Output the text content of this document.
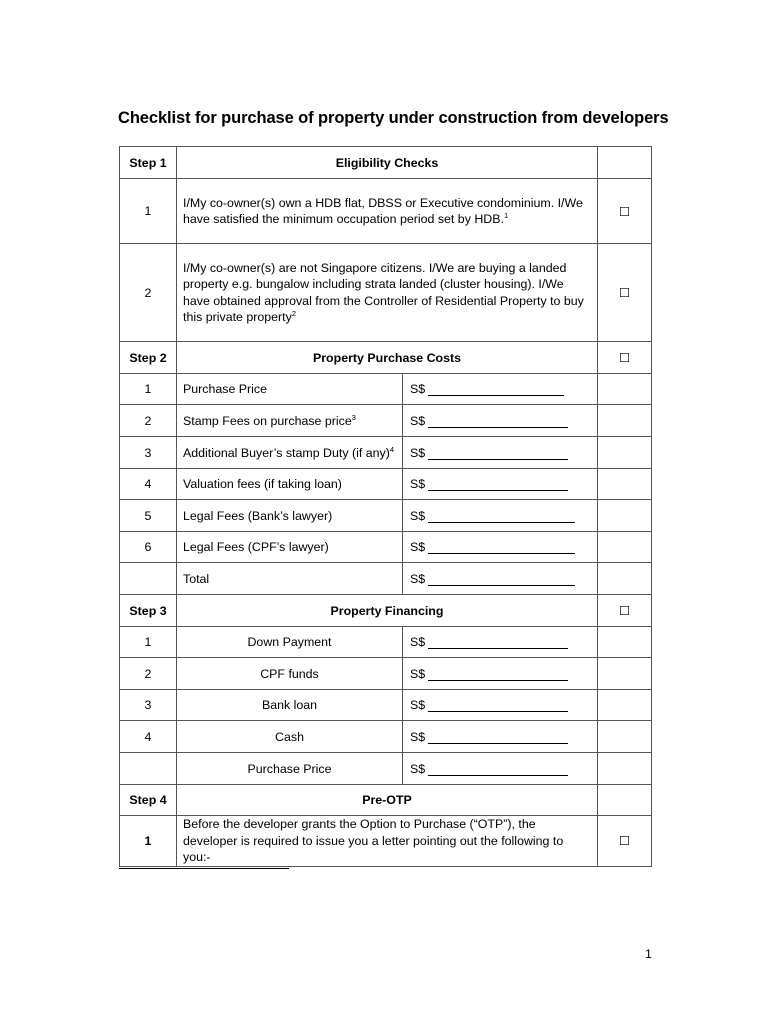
Checklist for purchase of property under construction from developers
Step 1	Eligibility Checks		
1	I/My co-owner(s) own a HDB flat, DBSS or Executive condominium. I/We have satisfied the minimum occupation period set by HDB.$^1$		☐
2	I/My co-owner(s) are not Singapore citizens. I/We are buying a landed property e.g. bungalow including strata landed (cluster housing). I/We have obtained approval from the Controller of Residential Property to buy this private property$^2$		☐
Step 2	Property Purchase Costs		☐
1	Purchase Price	S$	
2	Stamp Fees on purchase price$^3$	S$	
3	Additional Buyer’s stamp Duty (if any)$^4$	S$	
4	Valuation fees (if taking loan)	S$	
5	Legal Fees (Bank’s lawyer)	S$	
6	Legal Fees (CPF’s lawyer)	S$	
	Total	S$	
Step 3	Property Financing		☐
1	Down Payment	S$	
2	CPF funds	S$	
3	Bank loan	S$	
4	Cash	S$	
	Purchase Price	S$	
Step 4	Pre-OTP		
1	Before the developer grants the Option to Purchase (“OTP”), the developer is required to issue you a letter pointing out the following to you:-		☐
1
